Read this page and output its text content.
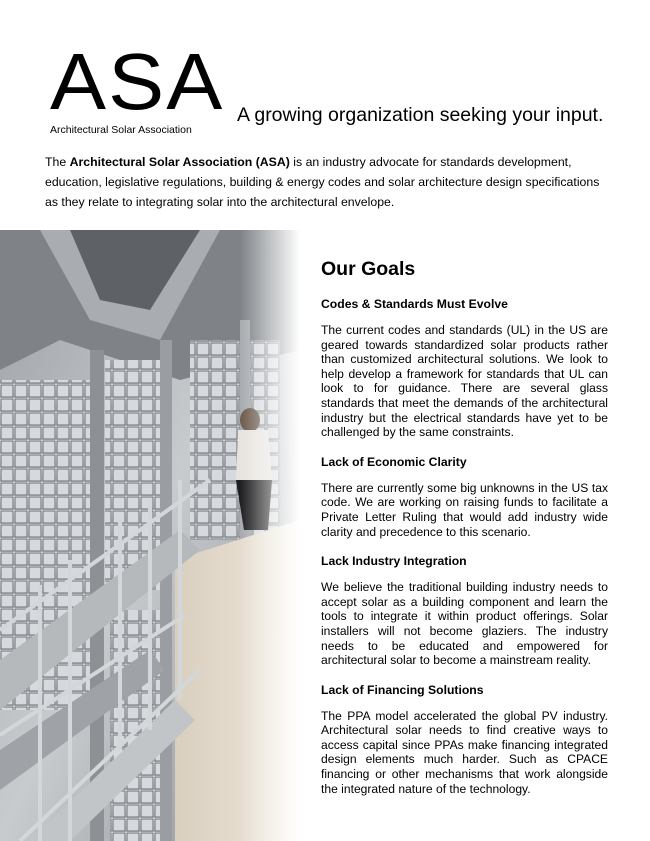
ASA
Architectural Solar Association
A growing organization seeking your input.

The Architectural Solar Association (ASA) is an industry advocate for standards development, education, legislative regulations, building & energy codes and solar architecture design specifications as they relate to integrating solar into the architectural envelope.

Our Goals
Codes & Standards Must Evolve

The current codes and standards (UL) in the US are geared towards standardized solar products rather than customized architectural solutions. We look to help develop a framework for standards that UL can look to for guidance. There are several glass standards that meet the demands of the architectural industry but the electrical standards have yet to be challenged by the same constraints.

Lack of Economic Clarity

There are currently some big unknowns in the US tax code. We are working on raising funds to facilitate a Private Letter Ruling that would add industry wide clarity and precedence to this scenario.

Lack Industry Integration

We believe the traditional building industry needs to accept solar as a building component and learn the tools to integrate it within product offerings. Solar installers will not become glaziers. The industry needs to be educated and empowered for architectural solar to become a mainstream reality.

Lack of Financing Solutions

The PPA model accelerated the global PV industry. Architectural solar needs to find creative ways to access capital since PPAs make financing integrated design elements much harder. Such as CPACE financing or other mechanisms that work alongside the integrated nature of the technology.
